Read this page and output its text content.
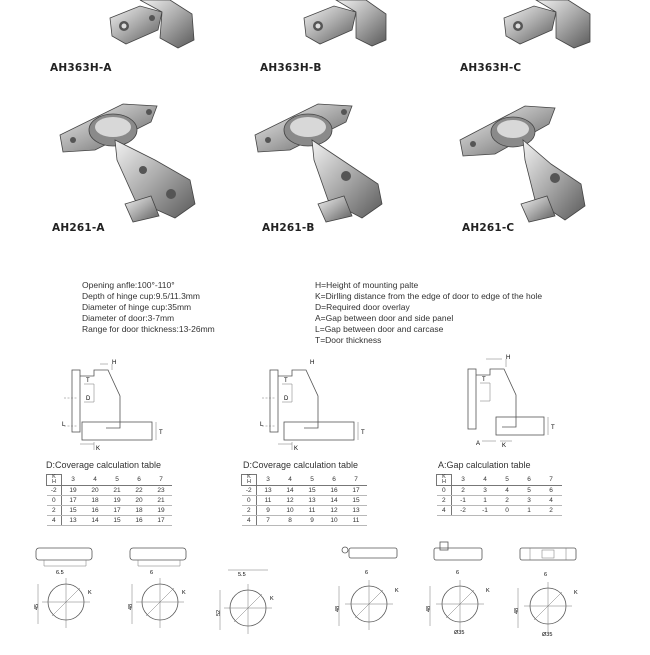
AH363H-A	AH363H-B	AH363H-C
AH261-A	AH261-B	AH261-C
Opening anfle:100°-110°
Depth of hinge cup:9.5/11.3mm
Diameter of hinge cup:35mm
Diameter of door:3-7mm
Range for door thickness:13-26mm
H=Height of mounting palte
K=Dirlling distance from the edge of door to edge of the hole
D=Required door overlay
A=Gap between door and side panel
L=Gap between door and carcase
T=Door thickness
H
T
D
L
K
T
H
T
D
L
K
T
H
T
A	K
T
D:Coverage calculation table
K
H	3	4	5	6	7
-2	19	20	21	22	23
0	17	18	19	20	21
2	15	16	17	18	19
4	13	14	15	16	17
D:Coverage calculation table
K
H	3	4	5	6	7
-2	13	14	15	16	17
0	11	12	13	14	15
2	9	10	11	12	13
4	7	8	9	10	11
A:Gap calculation table
K
H	3	4	5	6	7
0	2	3	4	5	6
2	-1	1	2	3	4
4	-2	-1	0	1	2
6.5
K
45
6
K
48
5.5
K
52
6
K
48
6
K
48
Ø35
6
K
48
Ø35
